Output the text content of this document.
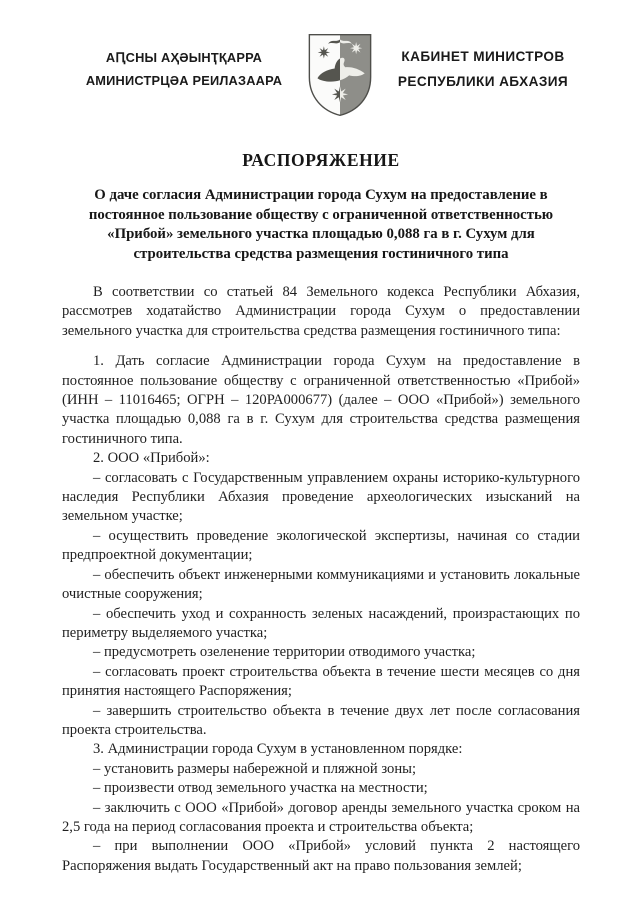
АԤСНЫ АҲӘЫНҬҚАРРА
АМИНИСТРЦӘА РЕИЛАЗААРА
КАБИНЕТ МИНИСТРОВ
РЕСПУБЛИКИ АБХАЗИЯ
РАСПОРЯЖЕНИЕ
О даче согласия Администрации города Сухум на предоставление в постоянное пользование обществу с ограниченной ответственностью «Прибой» земельного участка площадью 0,088 га в г. Сухум для строительства средства размещения гостиничного типа

В соответствии со статьей 84 Земельного кодекса Республики Абхазия, рассмотрев ходатайство Администрации города Сухум о предоставлении земельного участка для строительства средства размещения гостиничного типа:

1. Дать согласие Администрации города Сухум на предоставление в постоянное пользование обществу с ограниченной ответственностью «Прибой» (ИНН – 11016465; ОГРН – 120РА000677) (далее – ООО «Прибой») земельного участка площадью 0,088 га в г. Сухум для строительства средства размещения гостиничного типа.

2. ООО «Прибой»:

– согласовать с Государственным управлением охраны историко-культурного наследия Республики Абхазия проведение археологических изысканий на земельном участке;

– осуществить проведение экологической экспертизы, начиная со стадии предпроектной документации;

– обеспечить объект инженерными коммуникациями и установить локальные очистные сооружения;

– обеспечить уход и сохранность зеленых насаждений, произрастающих по периметру выделяемого участка;

– предусмотреть озеленение территории отводимого участка;

– согласовать проект строительства объекта в течение шести месяцев со дня принятия настоящего Распоряжения;

– завершить строительство объекта в течение двух лет после согласования проекта строительства.

3. Администрации города Сухум в установленном порядке:

– установить размеры набережной и пляжной зоны;

– произвести отвод земельного участка на местности;

– заключить с ООО «Прибой» договор аренды земельного участка сроком на 2,5 года на период согласования проекта и строительства объекта;

– при выполнении ООО «Прибой» условий пункта 2 настоящего Распоряжения выдать Государственный акт на право пользования землей;
